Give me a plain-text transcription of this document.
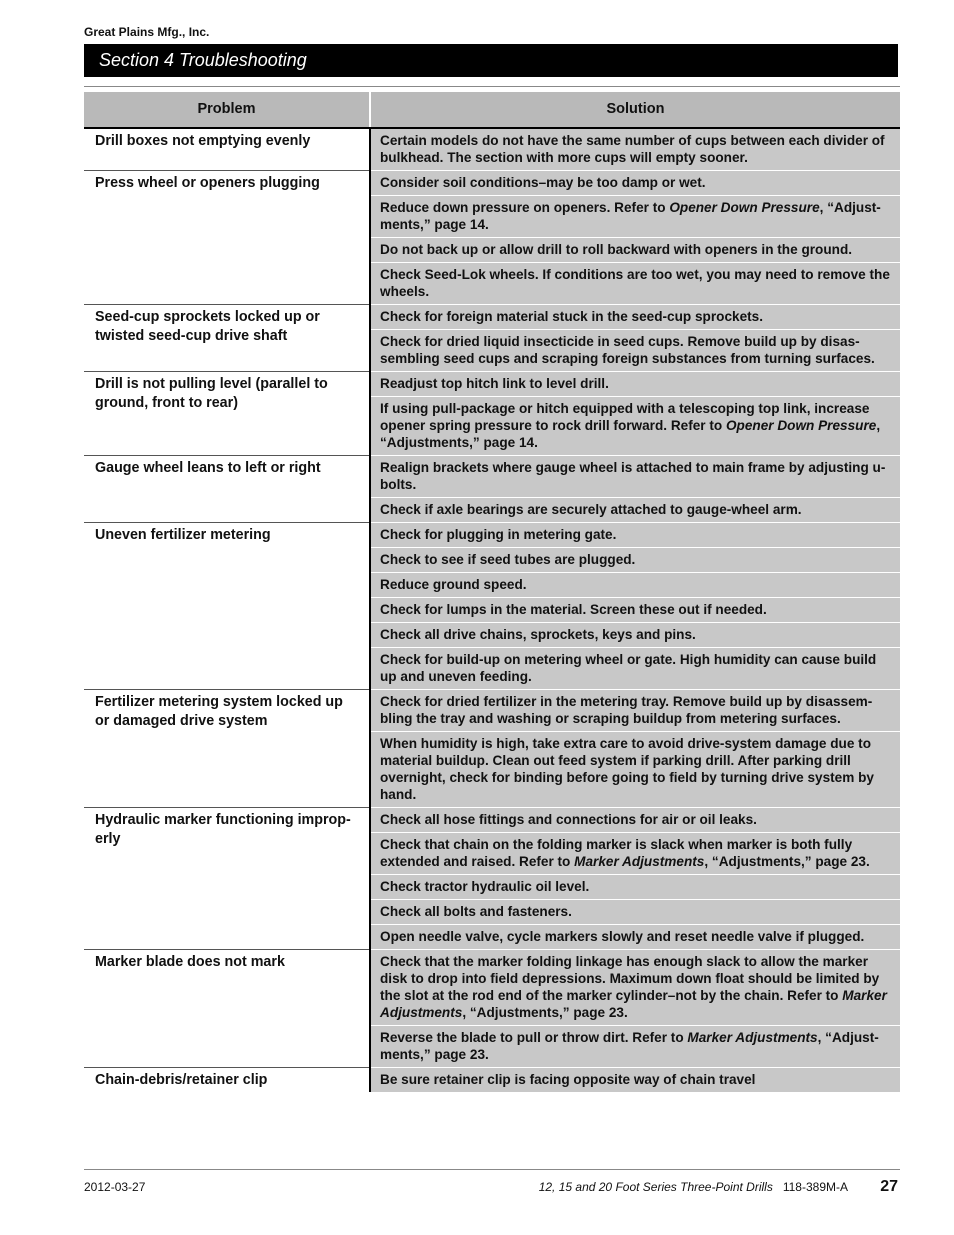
Great Plains Mfg., Inc.
Section 4 Troubleshooting
Problem	Solution
Drill boxes not emptying evenly	Certain models do not have the same number of cups between each divider of bulkhead. The section with more cups will empty sooner.
Press wheel or openers plugging	Consider soil conditions–may be too damp or wet.
	Reduce down pressure on openers. Refer to Opener Down Pressure, “Adjust-ments,” page 14.
	Do not back up or allow drill to roll backward with openers in the ground.
	Check Seed-Lok wheels. If conditions are too wet, you may need to remove the wheels.
Seed-cup sprockets locked up or twisted seed-cup drive shaft	Check for foreign material stuck in the seed-cup sprockets.
	Check for dried liquid insecticide in seed cups. Remove build up by disas-sembling seed cups and scraping foreign substances from turning surfaces.
Drill is not pulling level (parallel to ground, front to rear)	Readjust top hitch link to level drill.
	If using pull-package or hitch equipped with a telescoping top link, increase opener spring pressure to rock drill forward. Refer to Opener Down Pressure, “Adjustments,” page 14.
Gauge wheel leans to left or right	Realign brackets where gauge wheel is attached to main frame by adjusting u-bolts.
	Check if axle bearings are securely attached to gauge-wheel arm.
Uneven fertilizer metering	Check for plugging in metering gate.
	Check to see if seed tubes are plugged.
	Reduce ground speed.
	Check for lumps in the material. Screen these out if needed.
	Check all drive chains, sprockets, keys and pins.
	Check for build-up on metering wheel or gate. High humidity can cause build up and uneven feeding.
Fertilizer metering system locked up or damaged drive system	Check for dried fertilizer in the metering tray. Remove build up by disassem-bling the tray and washing or scraping buildup from metering surfaces.
	When humidity is high, take extra care to avoid drive-system damage due to material buildup. Clean out feed system if parking drill. After parking drill overnight, check for binding before going to field by turning drive system by hand.
Hydraulic marker functioning improp-erly	Check all hose fittings and connections for air or oil leaks.
	Check that chain on the folding marker is slack when marker is both fully extended and raised. Refer to Marker Adjustments, “Adjustments,” page 23.
	Check tractor hydraulic oil level.
	Check all bolts and fasteners.
	Open needle valve, cycle markers slowly and reset needle valve if plugged.
Marker blade does not mark	Check that the marker folding linkage has enough slack to allow the marker disk to drop into field depressions. Maximum down float should be limited by the slot at the rod end of the marker cylinder–not by the chain. Refer to Marker Adjustments, “Adjustments,” page 23.
	Reverse the blade to pull or throw dirt. Refer to Marker Adjustments, “Adjust-ments,” page 23.
Chain-debris/retainer clip	Be sure retainer clip is facing opposite way of chain travel
2012-03-27	12, 15 and 20 Foot Series Three-Point Drills 118-389M-A 27
